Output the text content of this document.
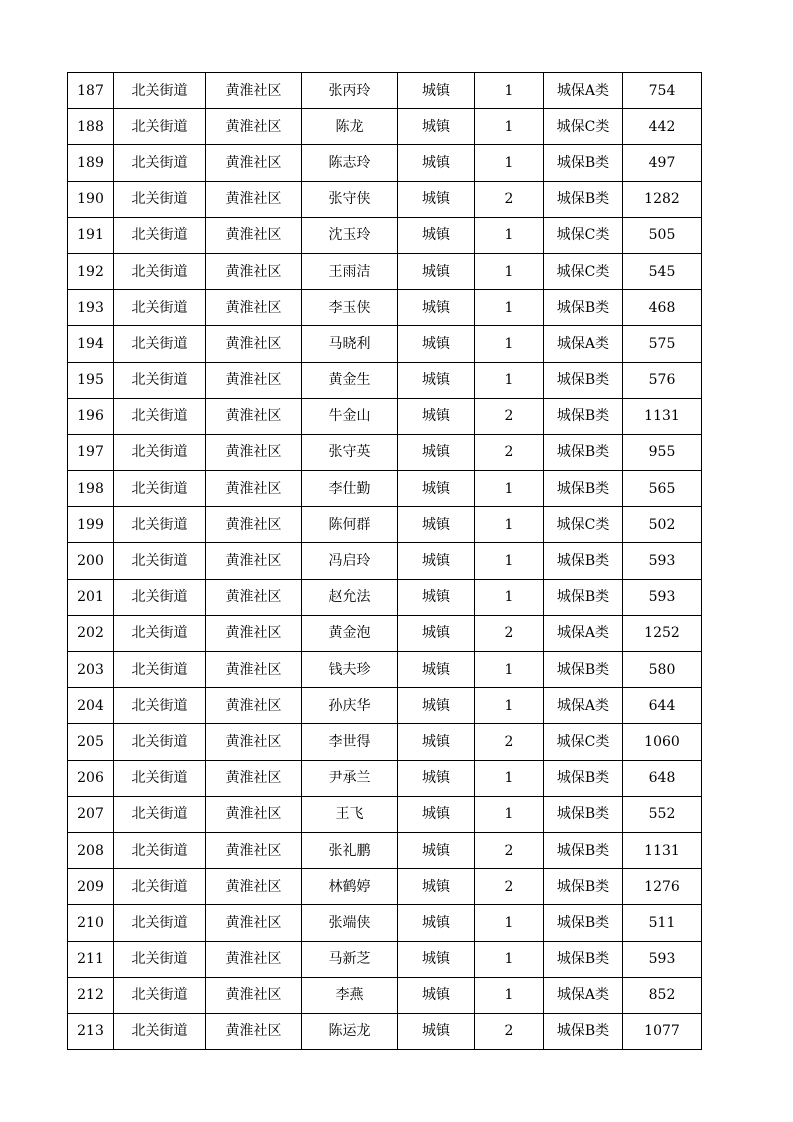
187	北关街道	黄淮社区	张丙玲	城镇	1	城保A类	754
188	北关街道	黄淮社区	陈龙	城镇	1	城保C类	442
189	北关街道	黄淮社区	陈志玲	城镇	1	城保B类	497
190	北关街道	黄淮社区	张守侠	城镇	2	城保B类	1282
191	北关街道	黄淮社区	沈玉玲	城镇	1	城保C类	505
192	北关街道	黄淮社区	王雨洁	城镇	1	城保C类	545
193	北关街道	黄淮社区	李玉侠	城镇	1	城保B类	468
194	北关街道	黄淮社区	马晓利	城镇	1	城保A类	575
195	北关街道	黄淮社区	黄金生	城镇	1	城保B类	576
196	北关街道	黄淮社区	牛金山	城镇	2	城保B类	1131
197	北关街道	黄淮社区	张守英	城镇	2	城保B类	955
198	北关街道	黄淮社区	李仕勤	城镇	1	城保B类	565
199	北关街道	黄淮社区	陈何群	城镇	1	城保C类	502
200	北关街道	黄淮社区	冯启玲	城镇	1	城保B类	593
201	北关街道	黄淮社区	赵允法	城镇	1	城保B类	593
202	北关街道	黄淮社区	黄金泡	城镇	2	城保A类	1252
203	北关街道	黄淮社区	钱夫珍	城镇	1	城保B类	580
204	北关街道	黄淮社区	孙庆华	城镇	1	城保A类	644
205	北关街道	黄淮社区	李世得	城镇	2	城保C类	1060
206	北关街道	黄淮社区	尹承兰	城镇	1	城保B类	648
207	北关街道	黄淮社区	王飞	城镇	1	城保B类	552
208	北关街道	黄淮社区	张礼鹏	城镇	2	城保B类	1131
209	北关街道	黄淮社区	林鹤婷	城镇	2	城保B类	1276
210	北关街道	黄淮社区	张端侠	城镇	1	城保B类	511
211	北关街道	黄淮社区	马新芝	城镇	1	城保B类	593
212	北关街道	黄淮社区	李燕	城镇	1	城保A类	852
213	北关街道	黄淮社区	陈运龙	城镇	2	城保B类	1077
